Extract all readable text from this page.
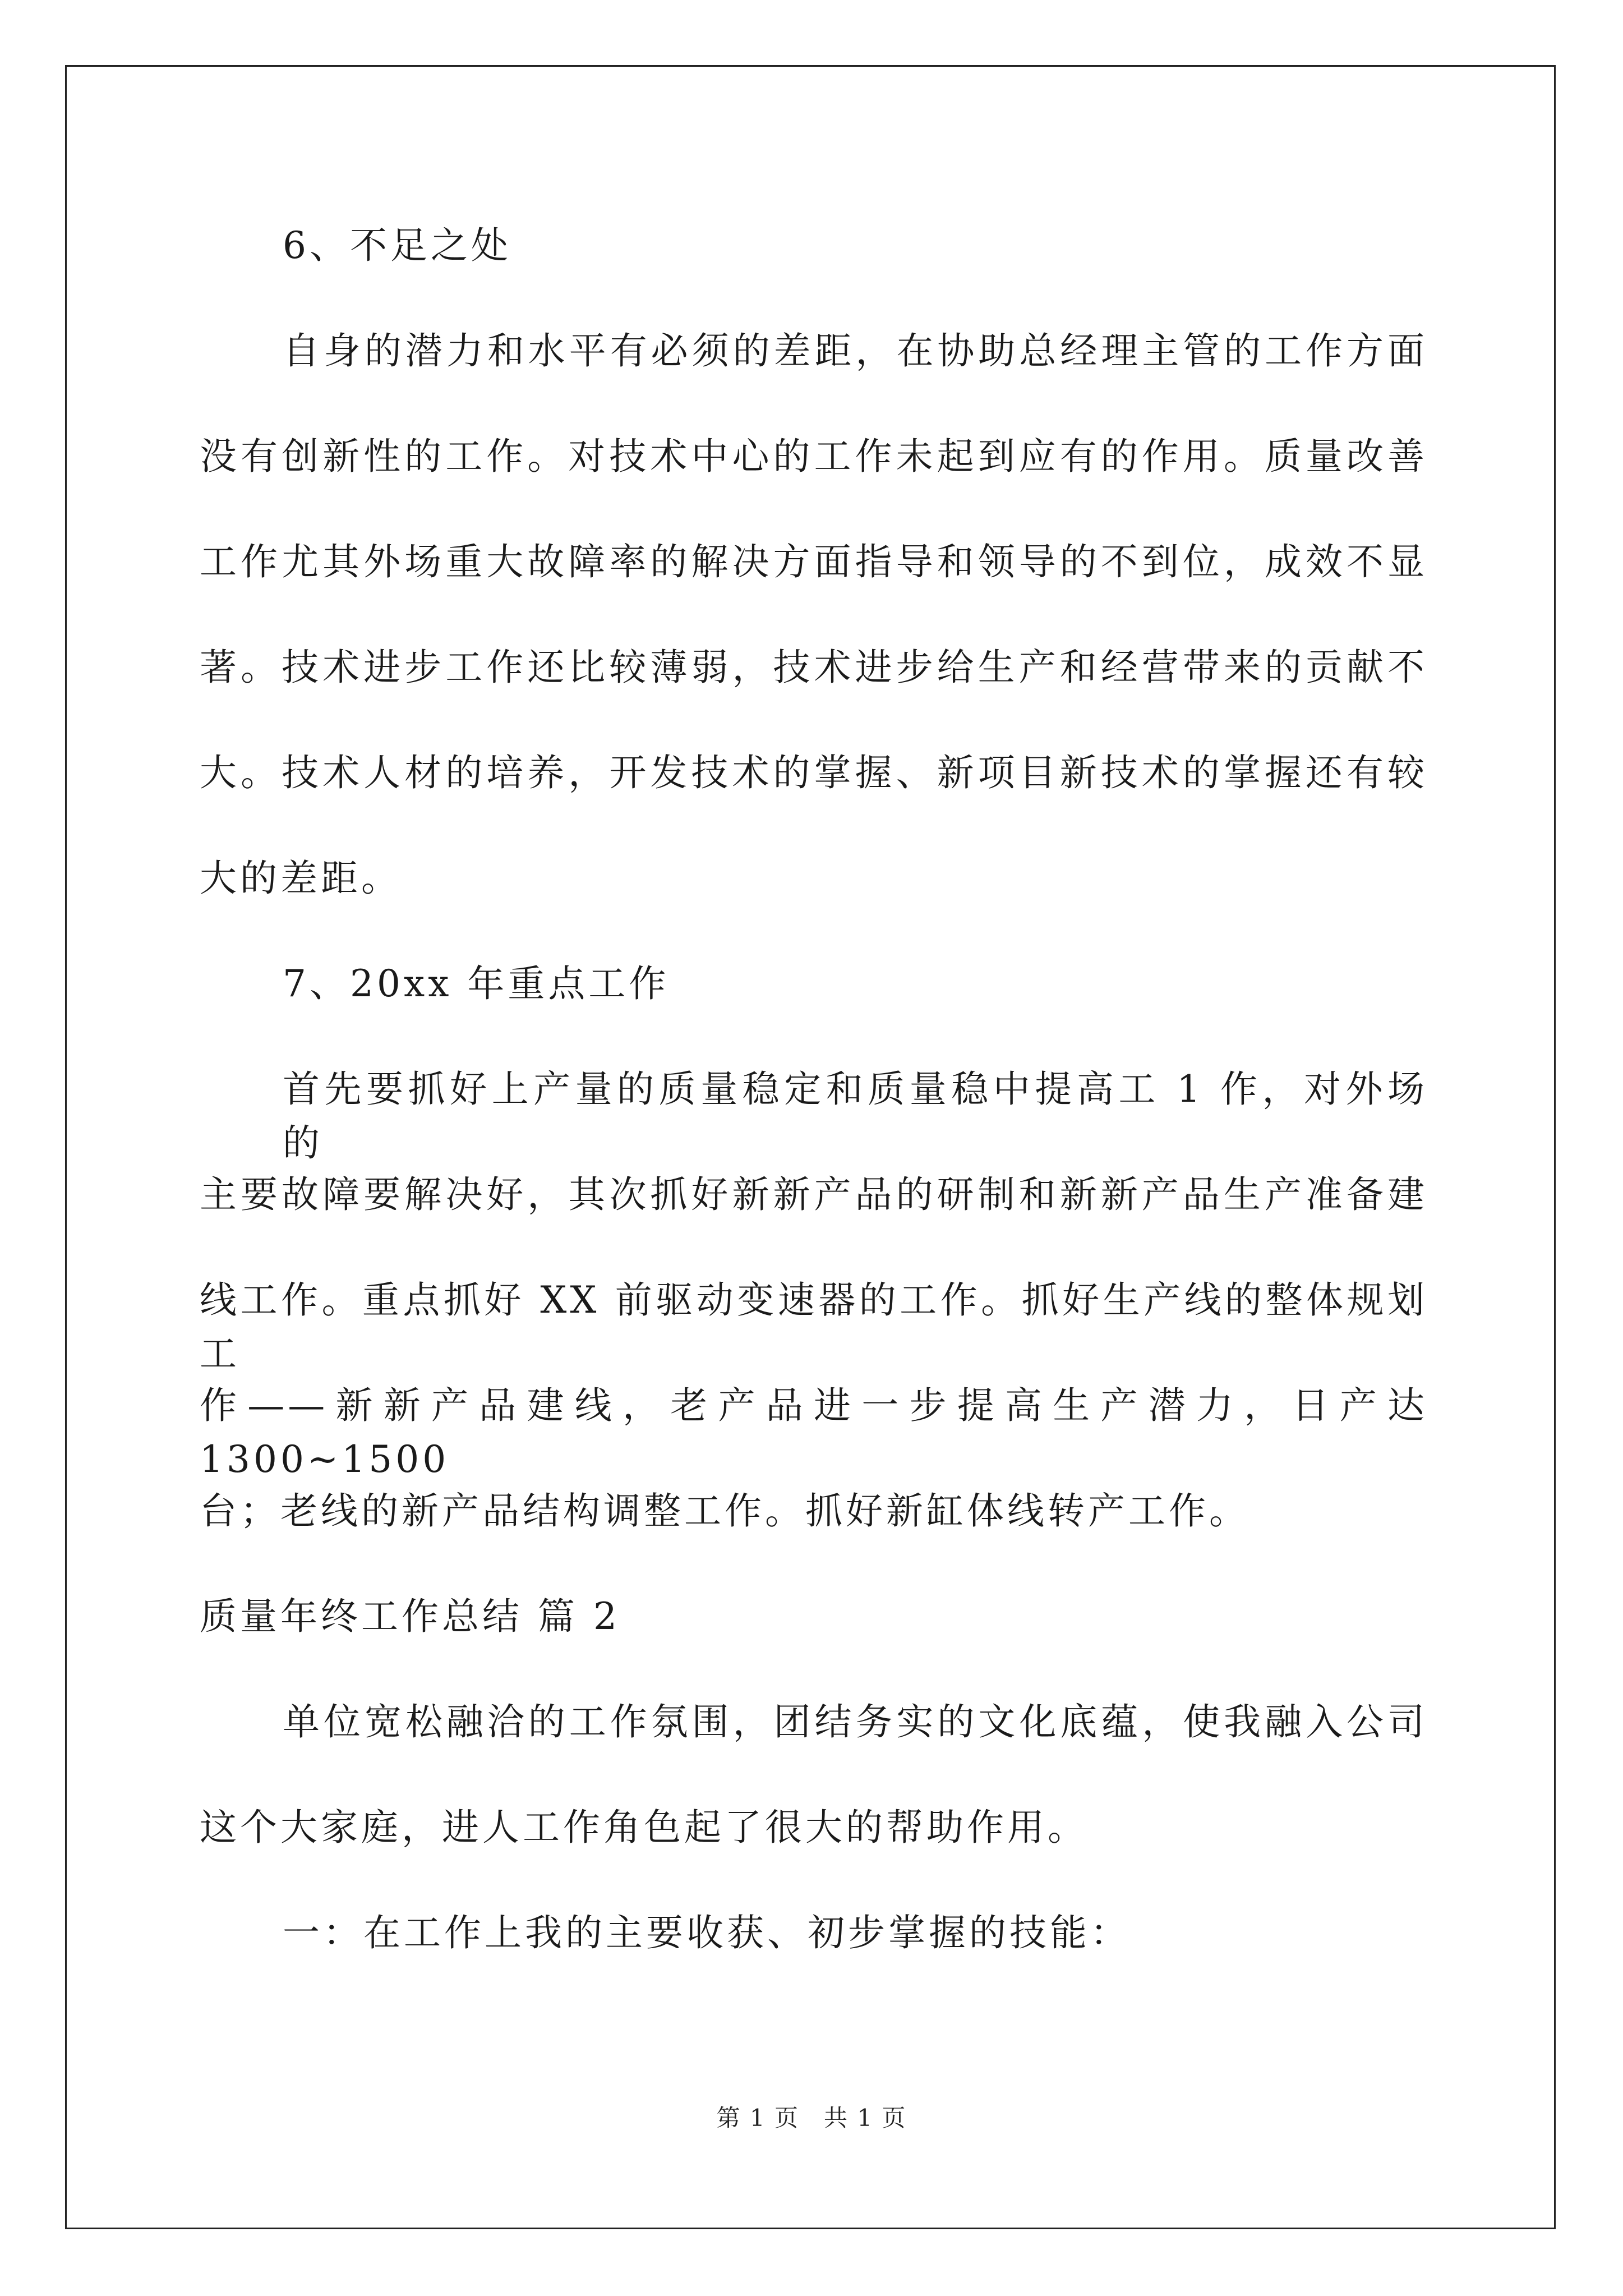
6、不足之处
自身的潜力和水平有必须的差距，在协助总经理主管的工作方面
没有创新性的工作。对技术中心的工作未起到应有的作用。质量改善
工作尤其外场重大故障率的解决方面指导和领导的不到位，成效不显
著。技术进步工作还比较薄弱，技术进步给生产和经营带来的贡献不
大。技术人材的培养，开发技术的掌握、新项目新技术的掌握还有较
大的差距。
7、20xx 年重点工作
首先要抓好上产量的质量稳定和质量稳中提高工 1 作，对外场的
主要故障要解决好，其次抓好新新产品的研制和新新产品生产准备建
线工作。重点抓好 XX 前驱动变速器的工作。抓好生产线的整体规划工
作——新新产品建线，老产品进一步提高生产潜力，日产达 1300~1500
台；老线的新产品结构调整工作。抓好新缸体线转产工作。
质量年终工作总结 篇 2
单位宽松融洽的工作氛围，团结务实的文化底蕴，使我融入公司
这个大家庭，进人工作角色起了很大的帮助作用。
一：在工作上我的主要收获、初步掌握的技能：
第 1 页　共 1 页
